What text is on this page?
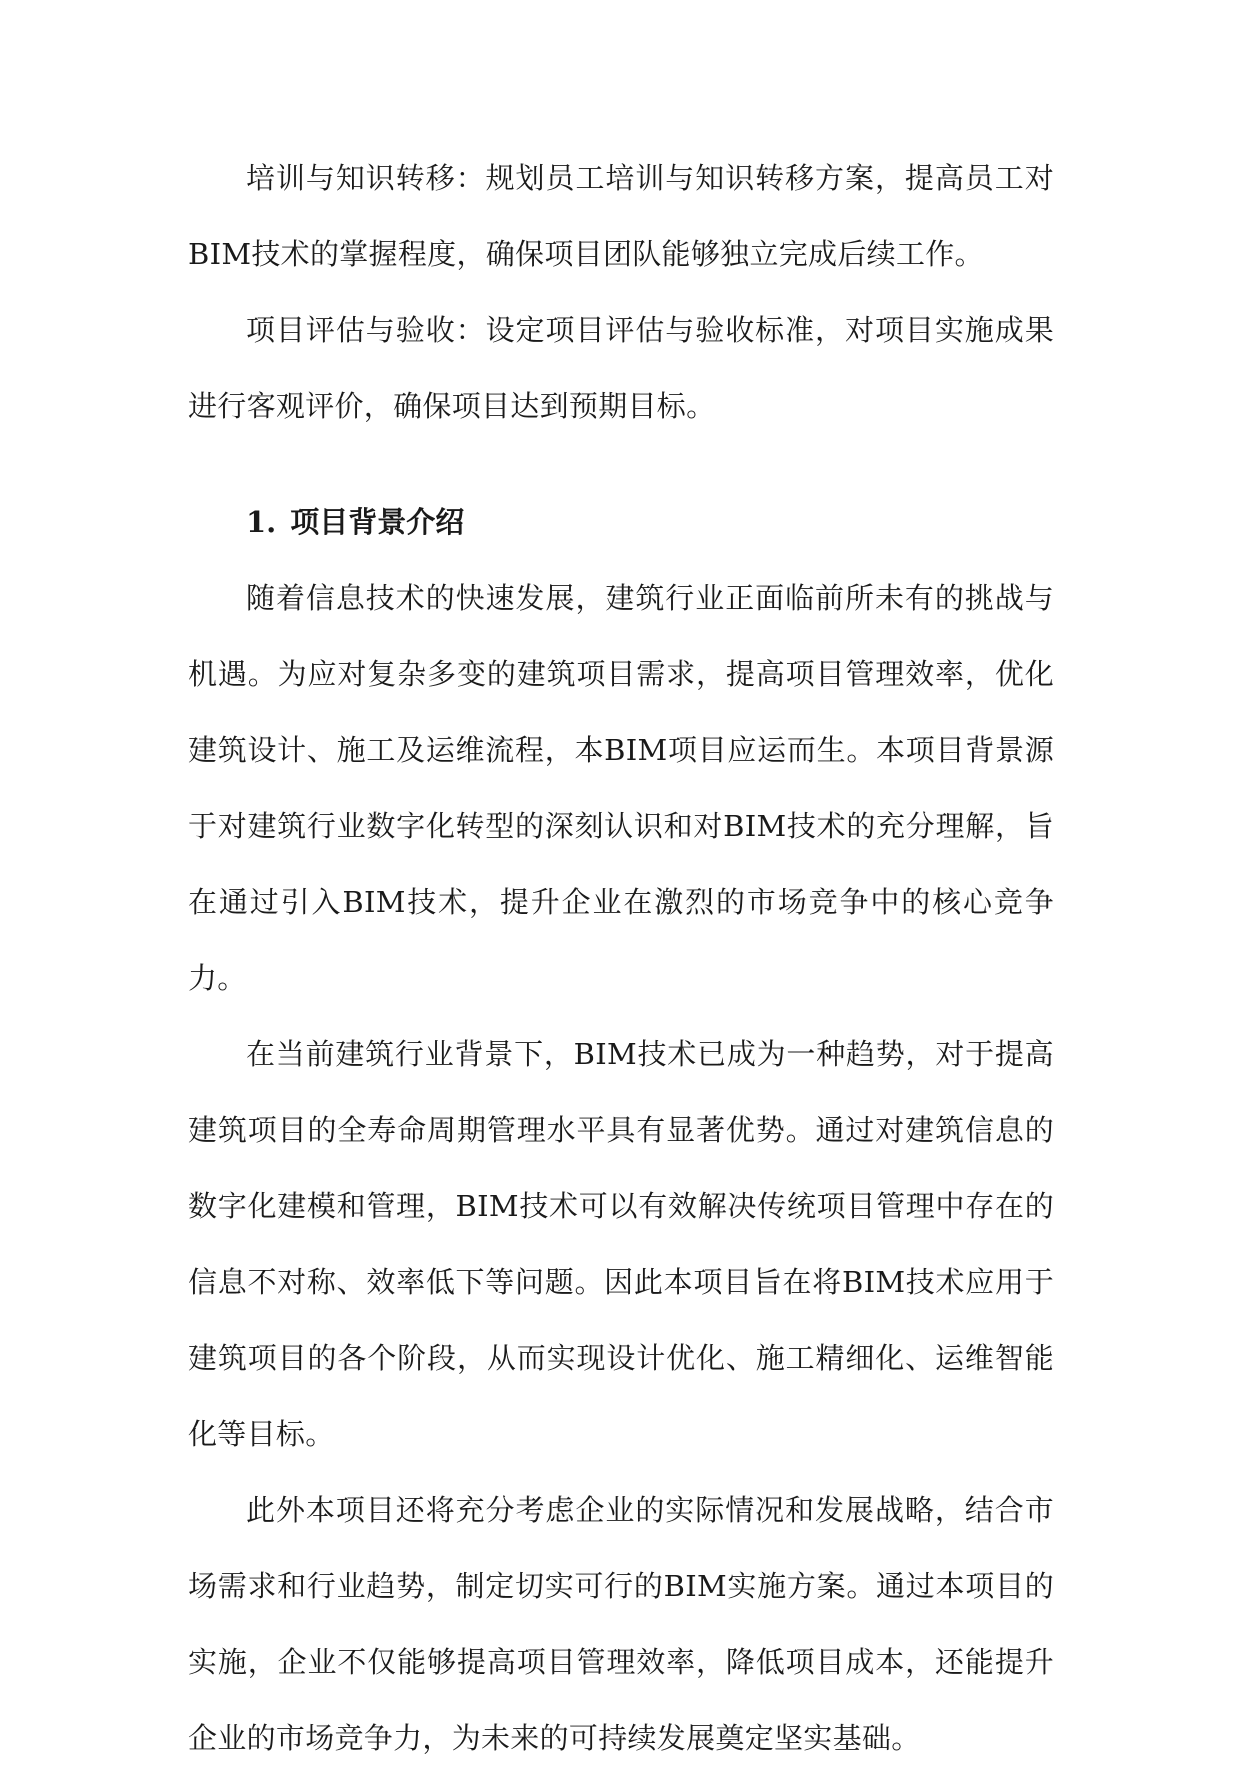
培训与知识转移：规划员工培训与知识转移方案，提高员工对BIM技术的掌握程度，确保项目团队能够独立完成后续工作。

项目评估与验收：设定项目评估与验收标准，对项目实施成果进行客观评价，确保项目达到预期目标。

1. 项目背景介绍

随着信息技术的快速发展，建筑行业正面临前所未有的挑战与机遇。为应对复杂多变的建筑项目需求，提高项目管理效率，优化建筑设计、施工及运维流程，本BIM项目应运而生。本项目背景源于对建筑行业数字化转型的深刻认识和对BIM技术的充分理解，旨在通过引入BIM技术，提升企业在激烈的市场竞争中的核心竞争力。

在当前建筑行业背景下，BIM技术已成为一种趋势，对于提高建筑项目的全寿命周期管理水平具有显著优势。通过对建筑信息的数字化建模和管理，BIM技术可以有效解决传统项目管理中存在的信息不对称、效率低下等问题。因此本项目旨在将BIM技术应用于建筑项目的各个阶段，从而实现设计优化、施工精细化、运维智能化等目标。

此外本项目还将充分考虑企业的实际情况和发展战略，结合市场需求和行业趋势，制定切实可行的BIM实施方案。通过本项目的实施，企业不仅能够提高项目管理效率，降低项目成本，还能提升企业的市场竞争力，为未来的可持续发展奠定坚实基础。
